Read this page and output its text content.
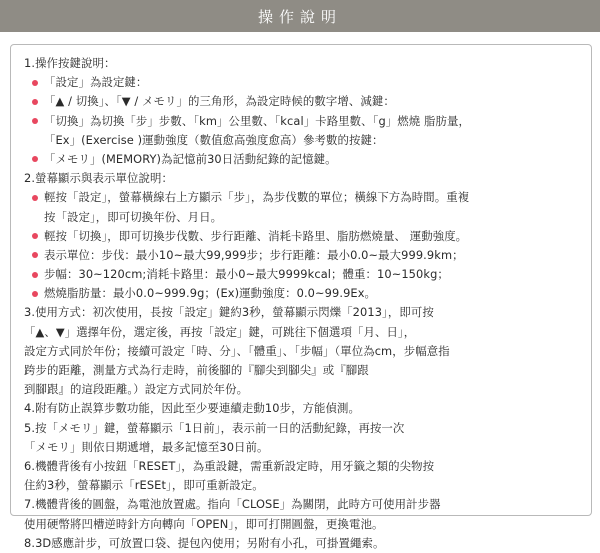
操作說明
1.操作按鍵說明：
「設定」為設定鍵：
「▲ / 切換」、「▼ / メモリ」的三角形，為設定時候的數字增、減鍵：
「切換」為切換「步」步數、「km」公里數、「kcal」卡路里數、「g」燃燒 脂肪量，
「Ex」(Exercise )運動強度（數值愈高強度愈高）參考數的按鍵：
「メモリ」(MEMORY)為記憶前30日活動紀錄的記憶鍵。
2.螢幕顯示與表示單位說明：
輕按「設定」，螢幕橫線右上方顯示「步」，為步伐數的單位；橫線下方為時間。重複
按「設定」，即可切換年份、月日。
輕按「切換」，即可切換步伐數、步行距離、消耗卡路里、脂肪燃燒量、 運動強度。
表示單位：步伐：最小10~最大99,999步；步行距離：最小0.0~最大999.9km；
步幅：30~120cm;消耗卡路里：最小0~最大9999kcal；體重：10~150kg；
燃燒脂肪量：最小0.0~999.9g；(Ex)運動強度：0.0~99.9Ex。
3.使用方式：初次使用，長按「設定」鍵約3秒，螢幕顯示閃爍「2013」，即可按
「▲、▼」選擇年份，選定後，再按「設定」鍵，可跳往下個選項「月、日」，
設定方式同於年份；接續可設定「時、分」、「體重」、「步幅」（單位為cm，步幅意指
跨步的距離，測量方式為行走時，前後腳的『腳尖到腳尖』或『腳跟
到腳跟』的這段距離。）設定方式同於年份。
4.附有防止誤算步數功能，因此至少要連續走動10步，方能偵測。
5.按「メモリ」鍵，螢幕顯示「1日前」，表示前一日的活動紀錄，再按一次
「メモリ」則依日期遞增，最多記憶至30日前。
6.機體背後有小按鈕「RESET」，為重設鍵，需重新設定時，用牙籤之類的尖物按
住約3秒，螢幕顯示「rESEt」，即可重新設定。
7.機體背後的圓盤，為電池放置處。指向「CLOSE」為關閉，此時方可使用計步器
使用硬幣將凹槽逆時針方向轉向「OPEN」，即可打開圓盤，更換電池。
8.3D感應計步，可放置口袋、提包內使用；另附有小孔，可掛置繩索。
